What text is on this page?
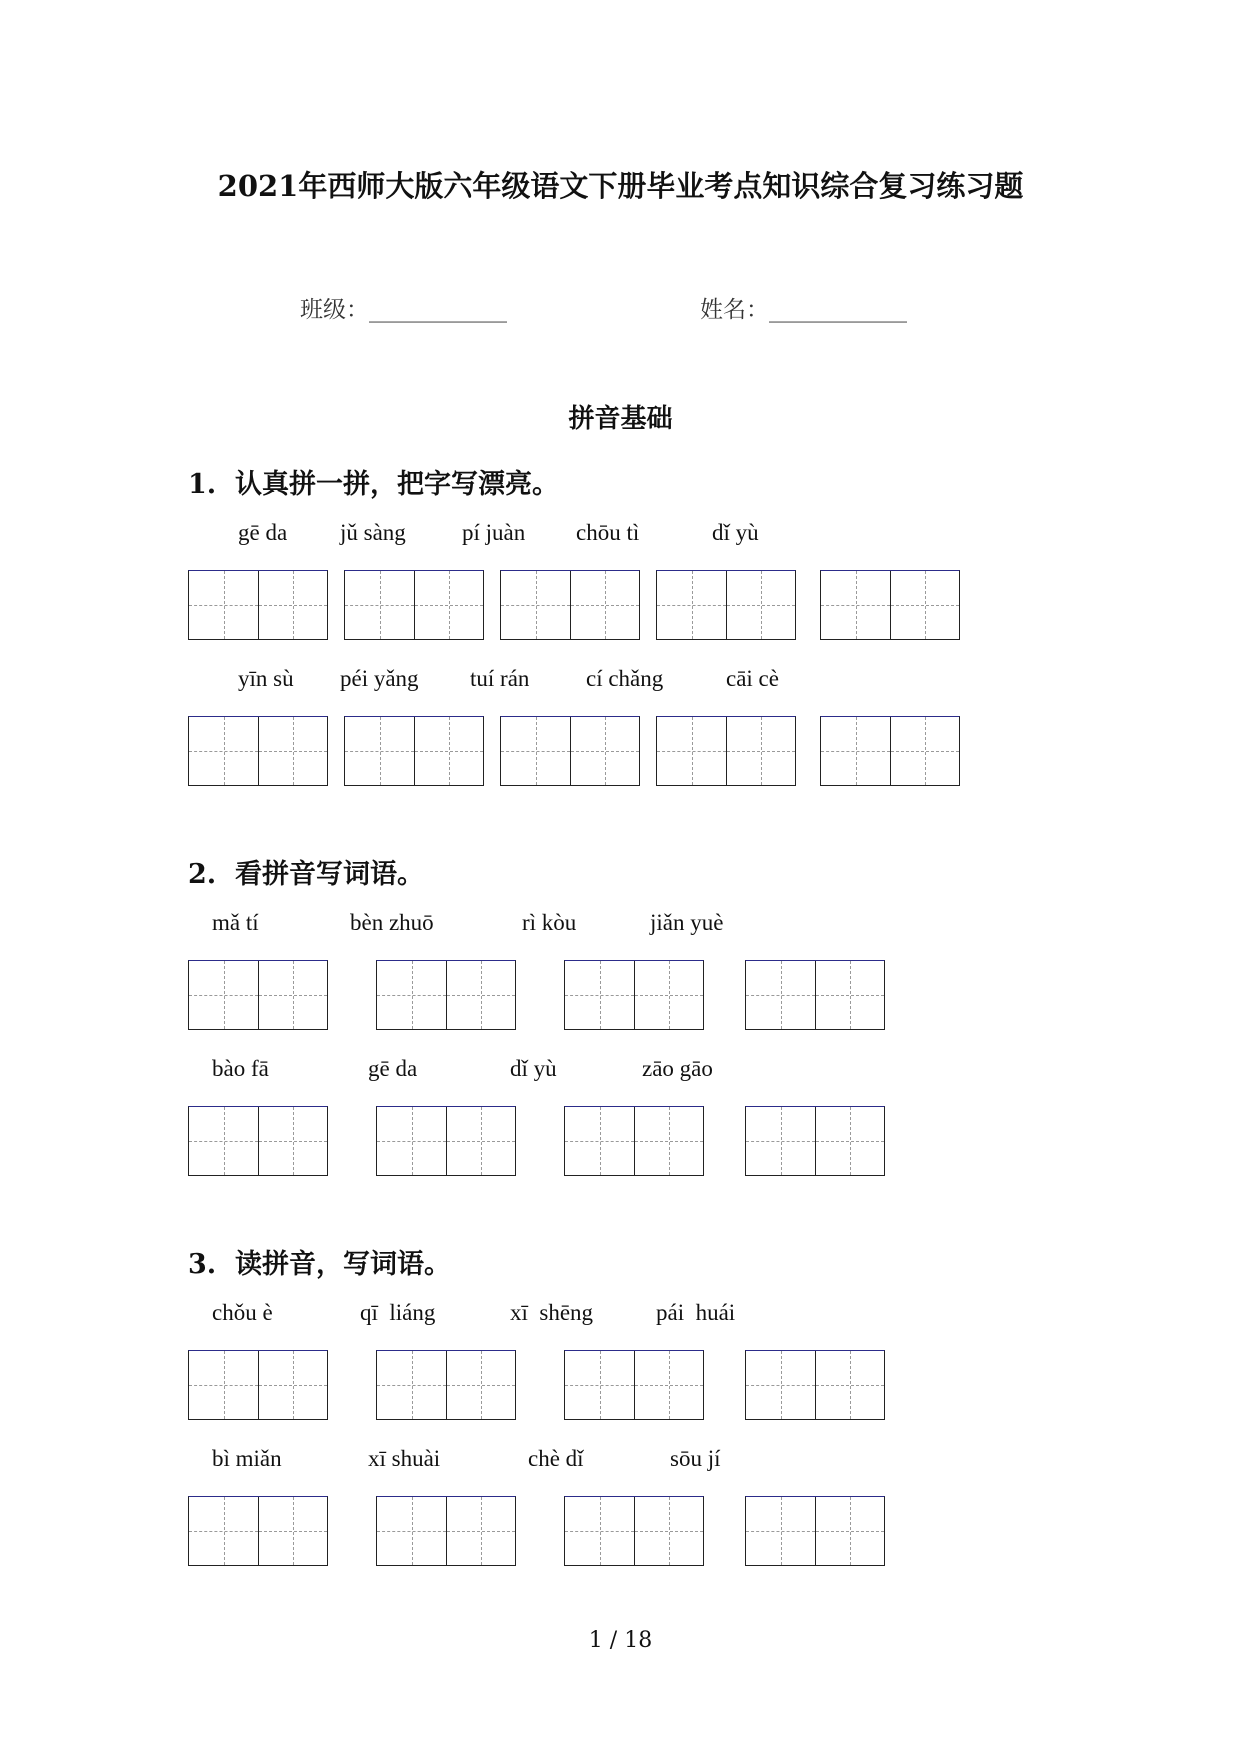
2021年西师大版六年级语文下册毕业考点知识综合复习练习题
班级：____________	姓名：____________
拼音基础
1. 认真拼一拼，把字写漂亮。
gē da jǔ sàng pí juàn chōu tì	dǐ yù
yīn sù péi yǎng tuí rán cí chǎng	cāi cè
2. 看拼音写词语。
mǎ tí	bèn zhuō	rì kòu	jiǎn yuè
bào fā	gē da	dǐ yù	zāo gāo
3. 读拼音，写词语。
chǒu è	qī  liáng	xī  shēng	pái  huái
bì miǎn	xī shuài	chè dǐ	sōu jí
1 / 18
